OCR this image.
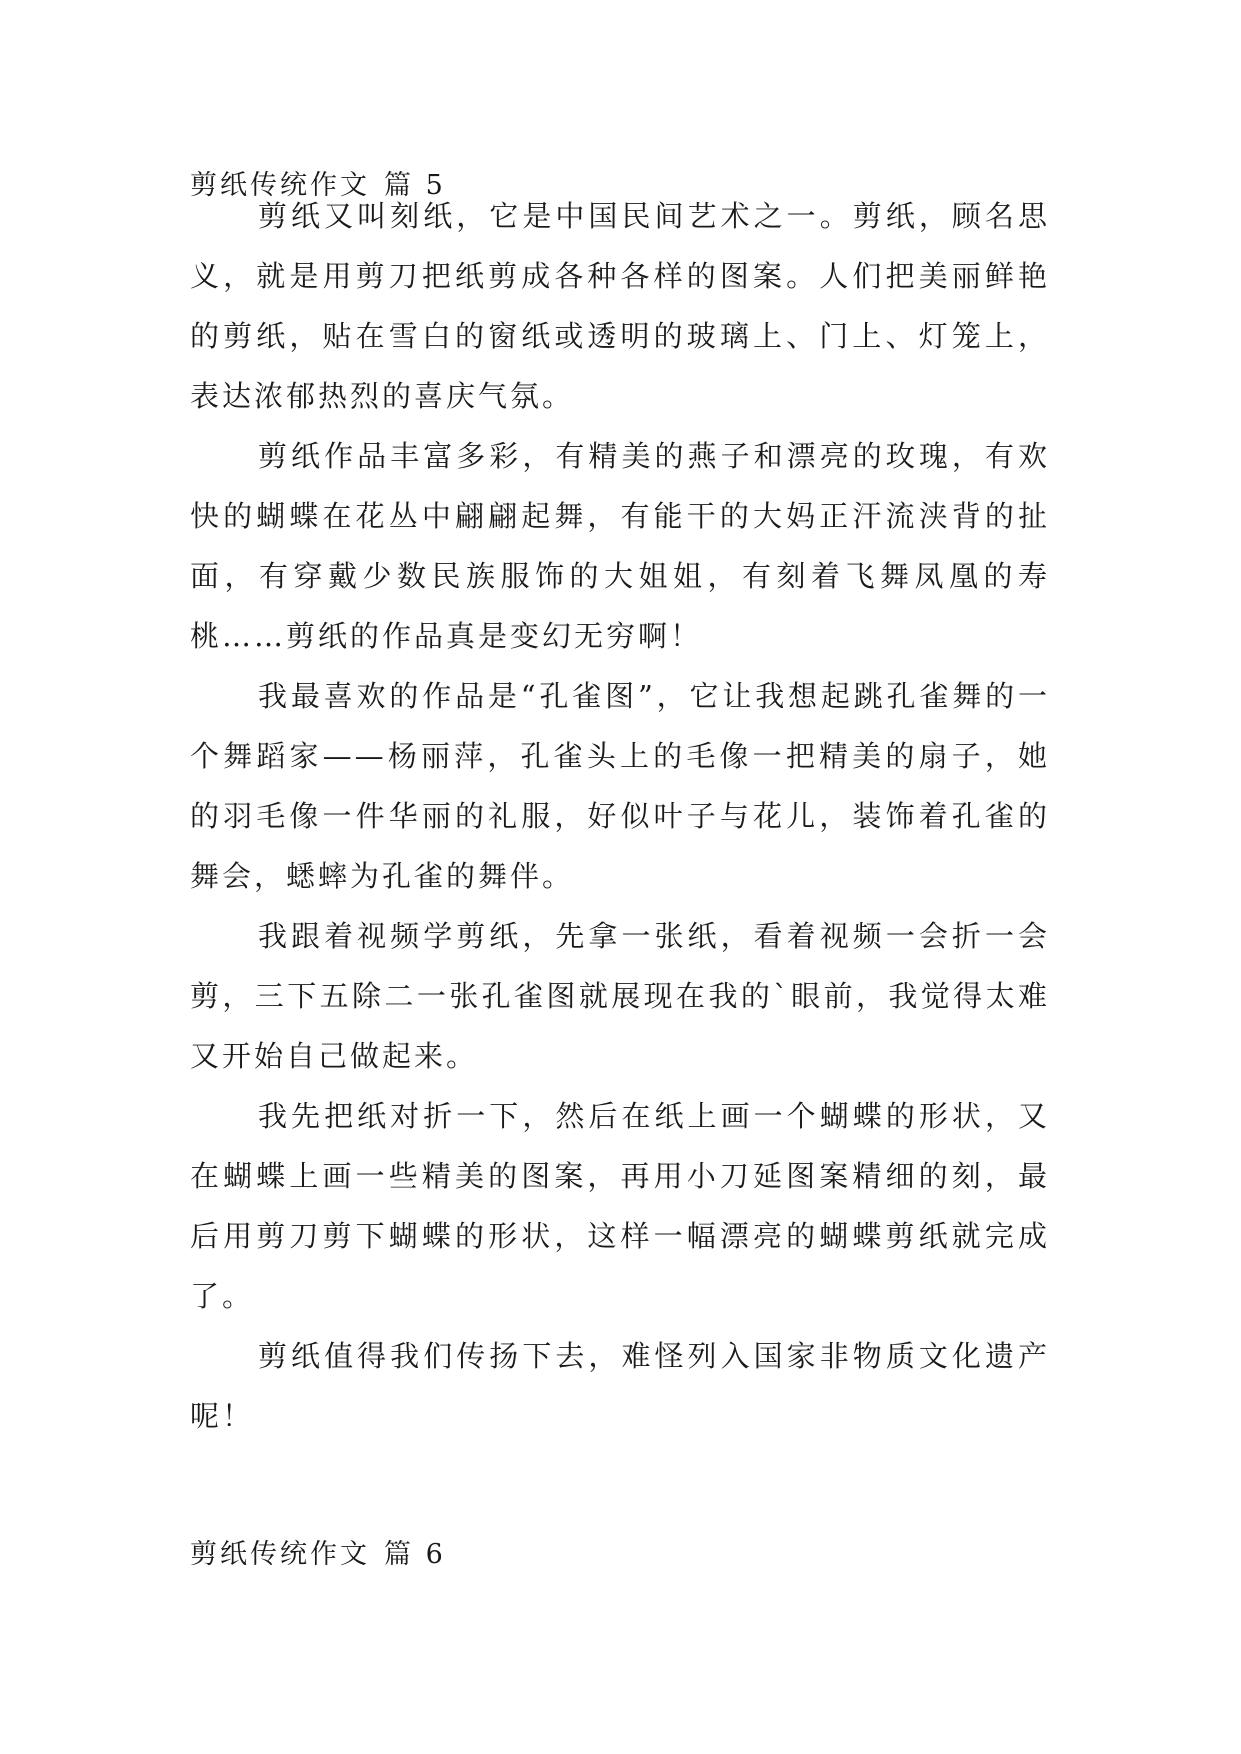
剪纸传统作文 篇 5

剪纸又叫刻纸，它是中国民间艺术之一。剪纸，顾名思义，就是用剪刀把纸剪成各种各样的图案。人们把美丽鲜艳的剪纸，贴在雪白的窗纸或透明的玻璃上、门上、灯笼上，表达浓郁热烈的喜庆气氛。

剪纸作品丰富多彩，有精美的燕子和漂亮的玫瑰，有欢快的蝴蝶在花丛中翩翩起舞，有能干的大妈正汗流浃背的扯面，有穿戴少数民族服饰的大姐姐，有刻着飞舞凤凰的寿桃……剪纸的作品真是变幻无穷啊！

我最喜欢的作品是“孔雀图”，它让我想起跳孔雀舞的一个舞蹈家——杨丽萍，孔雀头上的毛像一把精美的扇子，她的羽毛像一件华丽的礼服，好似叶子与花儿，装饰着孔雀的舞会，蟋蟀为孔雀的舞伴。

我跟着视频学剪纸，先拿一张纸，看着视频一会折一会剪，三下五除二一张孔雀图就展现在我的`眼前，我觉得太难又开始自己做起来。

我先把纸对折一下，然后在纸上画一个蝴蝶的形状，又在蝴蝶上画一些精美的图案，再用小刀延图案精细的刻，最后用剪刀剪下蝴蝶的形状，这样一幅漂亮的蝴蝶剪纸就完成了。

剪纸值得我们传扬下去，难怪列入国家非物质文化遗产呢！

剪纸传统作文 篇 6
